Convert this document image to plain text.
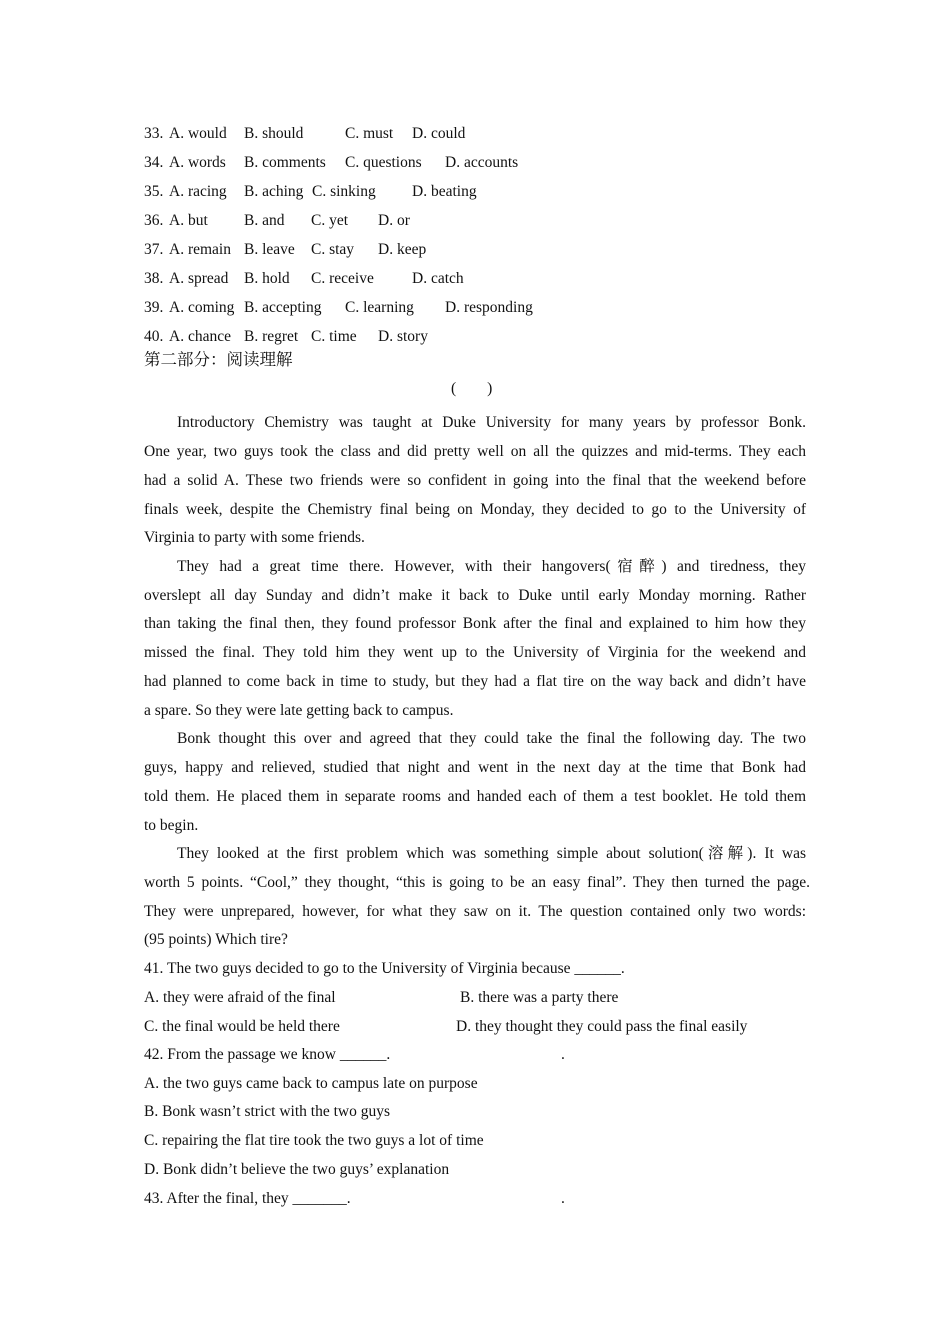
33. A. would B. should	C. must D. could
34. A. words B. comments C. questions D. accounts
35. A. racing B. aching C. sinking D. beating
36. A. but B. and C. yet D. or
37. A. remain B. leave C. stay D. keep
38. A. spread B. hold C. receive D. catch
39. A. coming B. accepting C. learning D. responding
40. A. chance B. regret C. time D. story
第二部分：阅读理解
(        )
Introductory Chemistry was taught at Duke University for many years by professor Bonk.
One year, two guys took the class and did pretty well on all the quizzes and mid-terms. They each
had a solid A. These two friends were so confident in going into the final that the weekend before
finals week, despite the Chemistry final being on Monday, they decided to go to the University of
Virginia to party with some friends.
They had a great time there. However, with their hangovers(宿醉) and tiredness, they
overslept all day Sunday and didn’t make it back to Duke until early Monday morning. Rather
than taking the final then, they found professor Bonk after the final and explained to him how they
missed the final. They told him they went up to the University of Virginia for the weekend and
had planned to come back in time to study, but they had a flat tire on the way back and didn’t have
a spare. So they were late getting back to campus.
Bonk thought this over and agreed that they could take the final the following day. The two
guys, happy and relieved, studied that night and went in the next day at the time that Bonk had
told them. He placed them in separate rooms and handed each of them a test booklet. He told them
to begin.
They looked at the first problem which was something simple about solution(溶解). It was
worth 5 points. “Cool,” they thought, “this is going to be an easy final”. They then turned the page.
They were unprepared, however, for what they saw on it. The question contained only two words:
(95 points) Which tire?
41. The two guys decided to go to the University of Virginia because ______.
A. they were afraid of the final	B. there was a party there
C. the final would be held there	D. they thought they could pass the final easily
42. From the passage we know ______.	.
A. the two guys came back to campus late on purpose
B. Bonk wasn’t strict with the two guys
C. repairing the flat tire took the two guys a lot of time
D. Bonk didn’t believe the two guys’ explanation
43. After the final, they _______.	.
